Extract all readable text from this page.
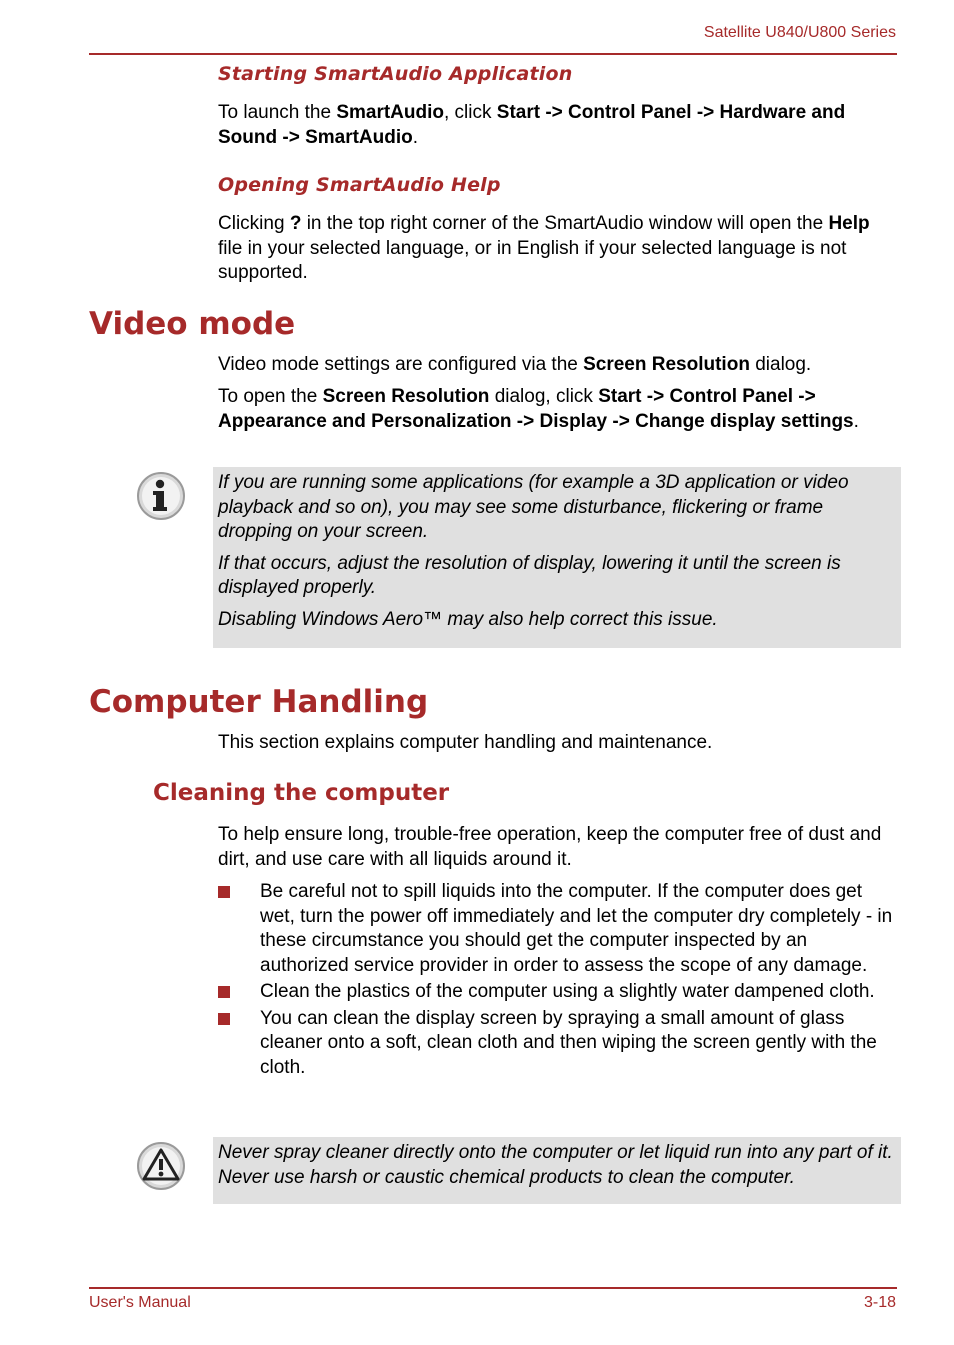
Satellite U840/U800 Series
Starting SmartAudio Application
To launch the SmartAudio, click Start -> Control Panel -> Hardware and Sound -> SmartAudio.
Opening SmartAudio Help
Clicking ? in the top right corner of the SmartAudio window will open the Help file in your selected language, or in English if your selected language is not supported.
Video mode
Video mode settings are configured via the Screen Resolution dialog.
To open the Screen Resolution dialog, click Start -> Control Panel -> Appearance and Personalization -> Display -> Change display settings.

If you are running some applications (for example a 3D application or video playback and so on), you may see some disturbance, flickering or frame dropping on your screen.

If that occurs, adjust the resolution of display, lowering it until the screen is displayed properly.

Disabling Windows Aero™ may also help correct this issue.

Computer Handling
This section explains computer handling and maintenance.
Cleaning the computer
To help ensure long, trouble-free operation, keep the computer free of dust and dirt, and use care with all liquids around it.
Be careful not to spill liquids into the computer. If the computer does get wet, turn the power off immediately and let the computer dry completely - in these circumstance you should get the computer inspected by an authorized service provider in order to assess the scope of any damage.
Clean the plastics of the computer using a slightly water dampened cloth.
You can clean the display screen by spraying a small amount of glass cleaner onto a soft, clean cloth and then wiping the screen gently with the cloth.

Never spray cleaner directly onto the computer or let liquid run into any part of it. Never use harsh or caustic chemical products to clean the computer.

User's Manual	3-18
